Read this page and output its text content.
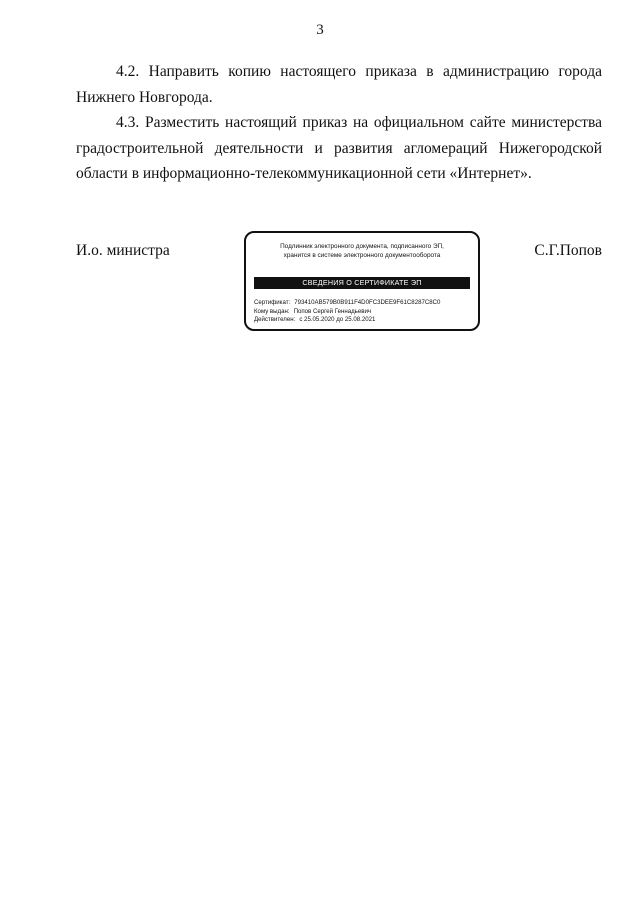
3

4.2. Направить копию настоящего приказа в администрацию города Нижнего Новгорода.

4.3. Разместить настоящий приказ на официальном сайте министерства градостроительной деятельности и развития агломераций Нижегородской области в информационно-телекоммуникационной сети «Интернет».

И.о. министра	Подлинник электронного документа, подписанного ЭП,
хранится в системе электронного документооборота
СВЕДЕНИЯ О СЕРТИФИКАТЕ ЭП
Сертификат: 793410AB579B0B911F4D0FC3DEE9F61C8287C8C0
Кому выдан: Попов Сергей Геннадьевич
Действителен: с 25.05.2020 до 25.08.2021
С.Г.Попов
